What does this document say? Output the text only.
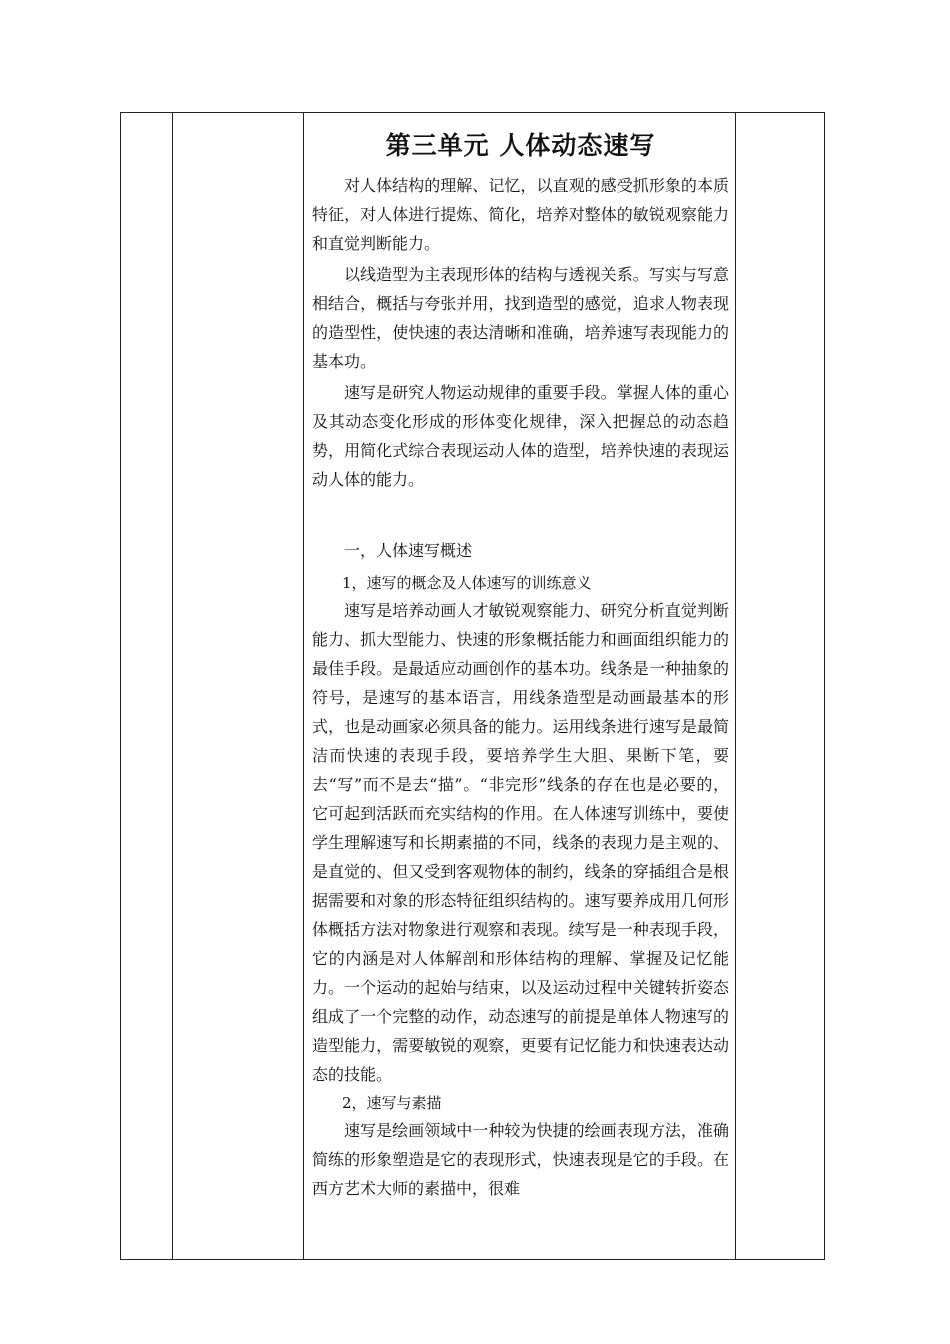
第三单元 人体动态速写

对人体结构的理解、记忆，以直观的感受抓形象的本质特征，对人体进行提炼、简化，培养对整体的敏锐观察能力和直觉判断能力。

以线造型为主表现形体的结构与透视关系。写实与写意相结合，概括与夸张并用，找到造型的感觉，追求人物表现的造型性，使快速的表达清晰和准确，培养速写表现能力的基本功。

速写是研究人物运动规律的重要手段。掌握人体的重心及其动态变化形成的形体变化规律，深入把握总的动态趋势，用简化式综合表现运动人体的造型，培养快速的表现运动人体的能力。

一，人体速写概述

1，速写的概念及人体速写的训练意义

速写是培养动画人才敏锐观察能力、研究分析直觉判断能力、抓大型能力、快速的形象概括能力和画面组织能力的最佳手段。是最适应动画创作的基本功。线条是一种抽象的符号，是速写的基本语言，用线条造型是动画最基本的形式，也是动画家必须具备的能力。运用线条进行速写是最简洁而快速的表现手段，要培养学生大胆、果断下笔，要去“写”而不是去“描”。“非完形”线条的存在也是必要的，它可起到活跃而充实结构的作用。在人体速写训练中，要使学生理解速写和长期素描的不同，线条的表现力是主观的、是直觉的、但又受到客观物体的制约，线条的穿插组合是根据需要和对象的形态特征组织结构的。速写要养成用几何形体概括方法对物象进行观察和表现。续写是一种表现手段，它的内涵是对人体解剖和形体结构的理解、掌握及记忆能力。一个运动的起始与结束，以及运动过程中关键转折姿态组成了一个完整的动作，动态速写的前提是单体人物速写的造型能力，需要敏锐的观察，更要有记忆能力和快速表达动态的技能。

2，速写与素描

速写是绘画领域中一种较为快捷的绘画表现方法，准确简练的形象塑造是它的表现形式，快速表现是它的手段。在西方艺术大师的素描中，很难
